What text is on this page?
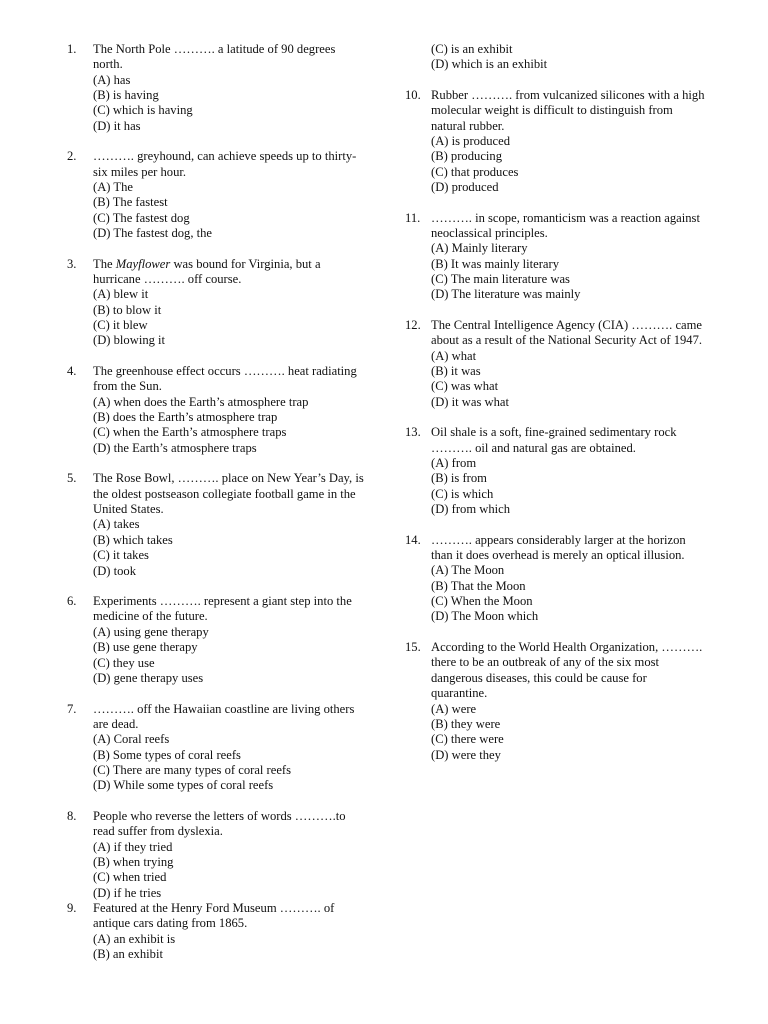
1. The North Pole ………. a latitude of 90 degrees north.
(A) has
(B) is having
(C) which is having
(D) it has
2. ………. greyhound, can achieve speeds up to thirty-six miles per hour.
(A) The
(B) The fastest
(C) The fastest dog
(D) The fastest dog, the
3. The Mayflower was bound for Virginia, but a hurricane ………. off course.
(A) blew it
(B) to blow it
(C) it blew
(D) blowing it
4. The greenhouse effect occurs ………. heat radiating from the Sun.
(A) when does the Earth’s atmosphere trap
(B) does the Earth’s atmosphere trap
(C) when the Earth’s atmosphere traps
(D) the Earth’s atmosphere traps
5. The Rose Bowl, ………. place on New Year’s Day, is the oldest postseason collegiate football game in the United States.
(A) takes
(B) which takes
(C) it takes
(D) took
6. Experiments ………. represent a giant step into the medicine of the future.
(A) using gene therapy
(B) use gene therapy
(C) they use
(D) gene therapy uses
7. ………. off the Hawaiian coastline are living others are dead.
(A) Coral reefs
(B) Some types of coral reefs
(C) There are many types of coral reefs
(D) While some types of coral reefs
8. People who reverse the letters of words ……….to read suffer from dyslexia.
(A) if they tried
(B) when trying
(C) when tried
(D) if he tries
9. Featured at the Henry Ford Museum ………. of antique cars dating from 1865.
(A) an exhibit is
(B) an exhibit
(C) is an exhibit
(D) which is an exhibit
10. Rubber ………. from vulcanized silicones with a high molecular weight is difficult to distinguish from natural rubber.
(A) is produced
(B) producing
(C) that produces
(D) produced
11. ………. in scope, romanticism was a reaction against neoclassical principles.
(A) Mainly literary
(B) It was mainly literary
(C) The main literature was
(D) The literature was mainly
12. The Central Intelligence Agency (CIA) ………. came about as a result of the National Security Act of 1947.
(A) what
(B) it was
(C) was what
(D) it was what
13. Oil shale is a soft, fine-grained sedimentary rock ………. oil and natural gas are obtained.
(A) from
(B) is from
(C) is which
(D) from which
14. ………. appears considerably larger at the horizon than it does overhead is merely an optical illusion.
(A) The Moon
(B) That the Moon
(C) When the Moon
(D) The Moon which
15. According to the World Health Organization, ………. there to be an outbreak of any of the six most dangerous diseases, this could be cause for quarantine.
(A) were
(B) they were
(C) there were
(D) were they
